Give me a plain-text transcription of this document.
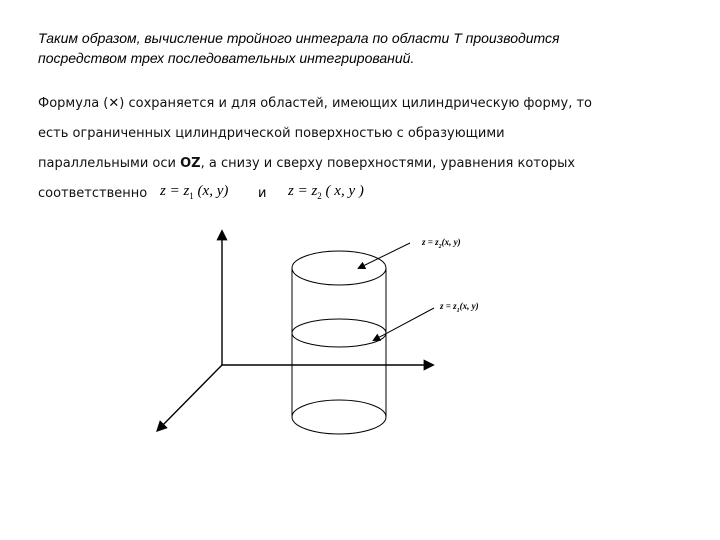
Таким образом, вычисление тройного интеграла по области Т производится
посредством трех последовательных интегрирований.

Формула (✕) сохраняется и для областей, имеющих цилиндрическую форму, то

есть ограниченных цилиндрической поверхностью с образующими

параллельными оси OZ, а снизу и сверху поверхностями, уравнения которых

соответственно $z = z_1$ (x, y) и $z = z_2$ ( x, y )
$z = z_2(x$, y)
$z = z_1(x$, y)
